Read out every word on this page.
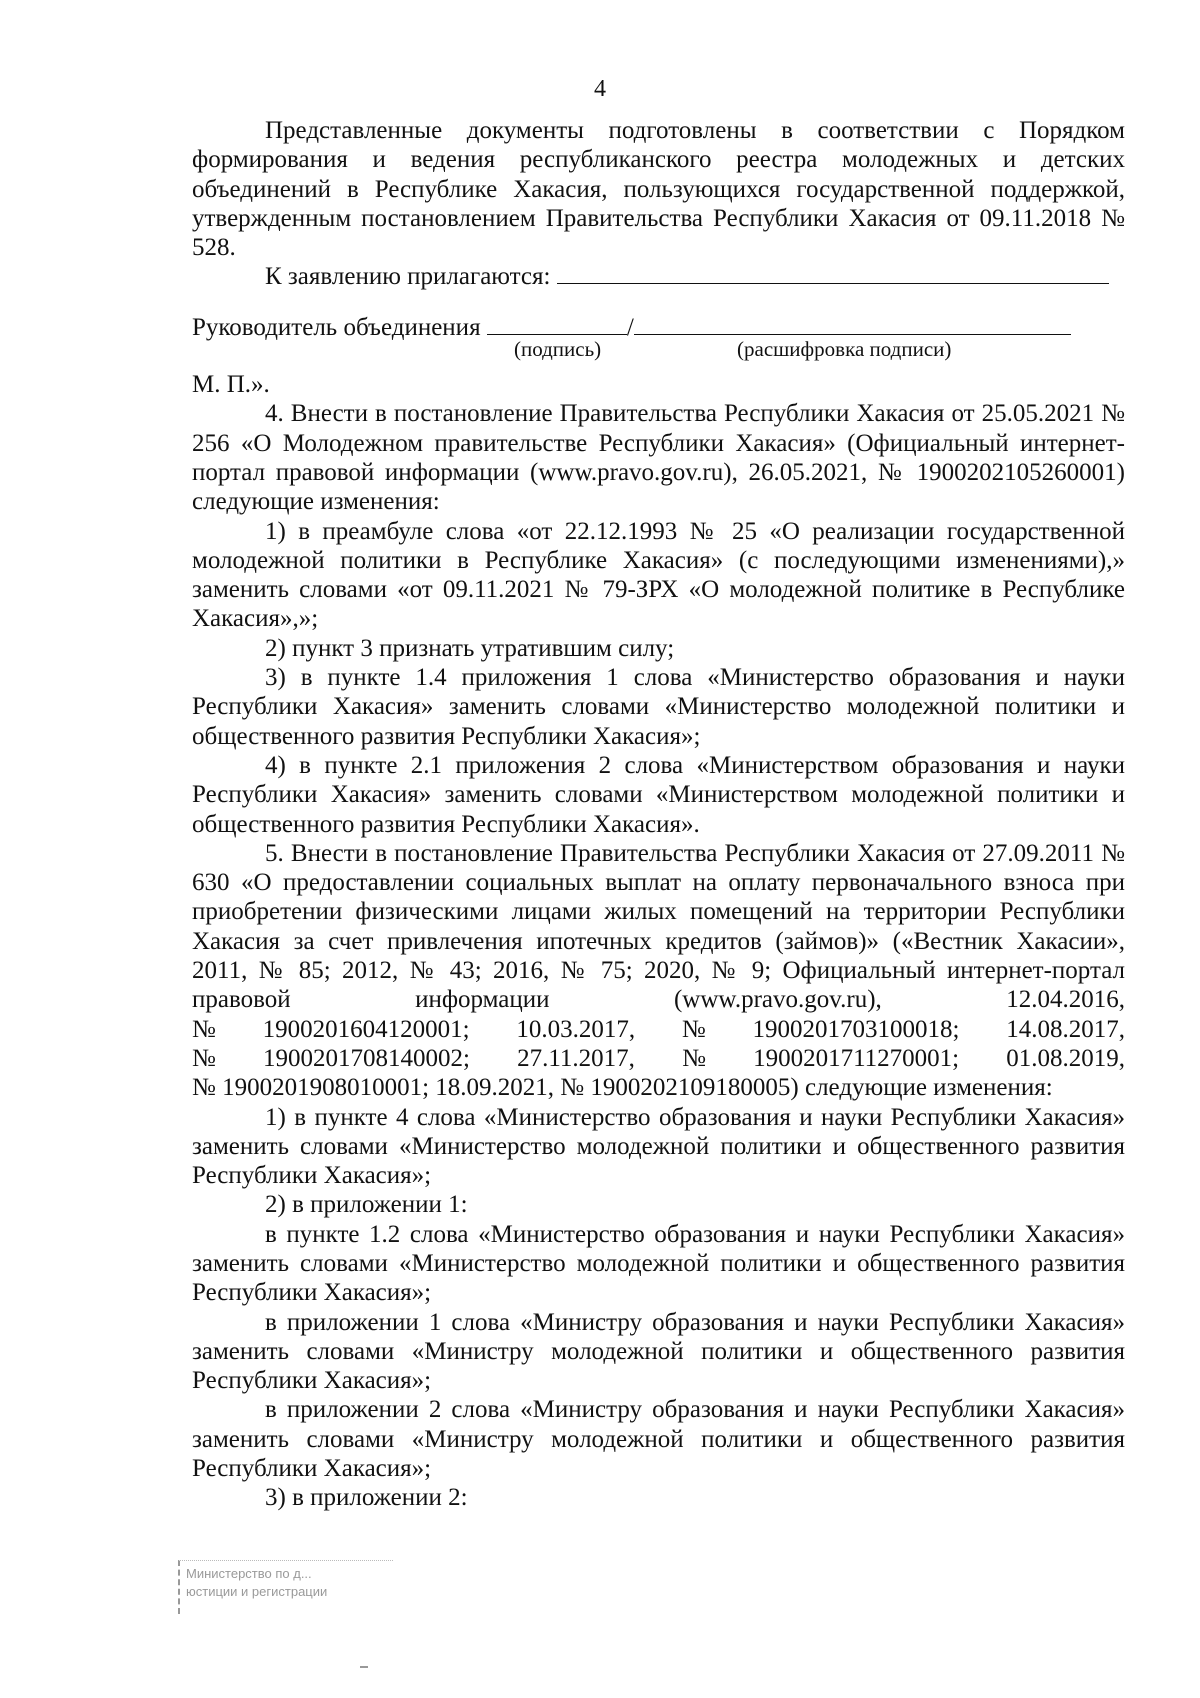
4

Представленные документы подготовлены в соответствии с Порядком формирования и ведения республиканского реестра молодежных и детских объединений в Республике Хакасия, пользующихся государственной поддержкой, утвержденным постановлением Правительства Республики Хакасия от 09.11.2018 № 528.

К заявлению прилагаются:

Руководитель объединения	/
(подпись)	(расшифровка подписи)

М. П.».

4. Внести в постановление Правительства Республики Хакасия от 25.05.2021 № 256 «О Молодежном правительстве Республики Хакасия» (Официальный интернет-портал правовой информации (www.pravo.gov.ru), 26.05.2021, № 1900202105260001) следующие изменения:

1) в преамбуле слова «от 22.12.1993 № 25 «О реализации государственной молодежной политики в Республике Хакасия» (с последующими изменениями),» заменить словами «от 09.11.2021 № 79-ЗРХ «О молодежной политике в Республике Хакасия»,»;

2) пункт 3 признать утратившим силу;

3) в пункте 1.4 приложения 1 слова «Министерство образования и науки Республики Хакасия» заменить словами «Министерство молодежной политики и общественного развития Республики Хакасия»;

4) в пункте 2.1 приложения 2 слова «Министерством образования и науки Республики Хакасия» заменить словами «Министерством молодежной политики и общественного развития Республики Хакасия».

5. Внести в постановление Правительства Республики Хакасия от 27.09.2011 № 630 «О предоставлении социальных выплат на оплату первоначального взноса при приобретении физическими лицами жилых помещений на территории Республики Хакасия за счет привлечения ипотечных кредитов (займов)» («Вестник Хакасии», 2011, № 85; 2012, № 43; 2016, № 75; 2020, № 9; Официальный интернет-портал правовой информации (www.pravo.gov.ru), 12.04.2016,

№ 1900201604120001; 10.03.2017, № 1900201703100018; 14.08.2017,
№ 1900201708140002; 27.11.2017, № 1900201711270001; 01.08.2019,

№ 1900201908010001; 18.09.2021, № 1900202109180005) следующие изменения:

1) в пункте 4 слова «Министерство образования и науки Республики Хакасия» заменить словами «Министерство молодежной политики и общественного развития Республики Хакасия»;

2) в приложении 1:

в пункте 1.2 слова «Министерство образования и науки Республики Хакасия» заменить словами «Министерство молодежной политики и общественного развития Республики Хакасия»;

в приложении 1 слова «Министру образования и науки Республики Хакасия» заменить словами «Министру молодежной политики и общественного развития Республики Хакасия»;

в приложении 2 слова «Министру образования и науки Республики Хакасия» заменить словами «Министру молодежной политики и общественного развития Республики Хакасия»;

3) в приложении 2:

Министерство по д...
юстиции и регистрации
